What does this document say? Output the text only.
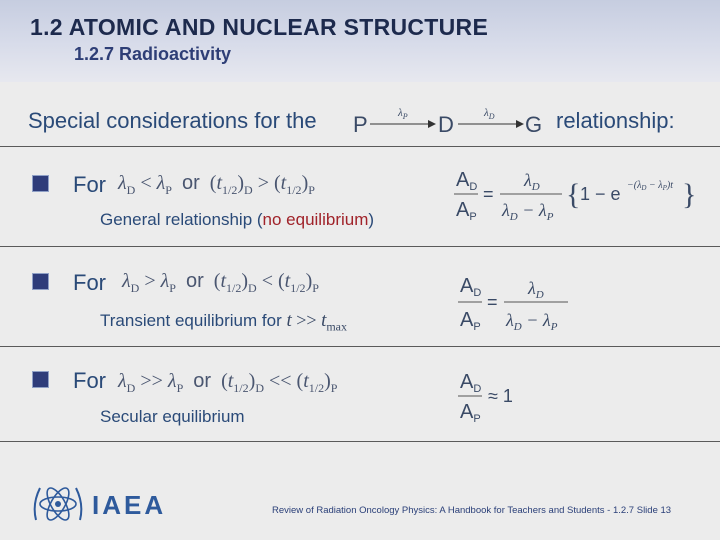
1.2 ATOMIC AND NUCLEAR STRUCTURE
1.2.7 Radioactivity
Special considerations for the P	$\lambda_P$ D	$\lambda_D$ G relationship:
For $\lambda_D < \lambda_P$ or  $(t_{1/2})_D > (t_{1/2})_P$
General relationship (no equilibrium)
$A_D$
$A_P$
=
$\lambda_D$
$\lambda_D - \lambda_P$
{ $1 - e -(\lambda_D - \lambda_P)t$ }
For $\lambda_D > \lambda_P$ or  $(t_{1/2})_D < (t_{1/2})_P$
Transient equilibrium for $t >> t_{max}$
$A_D$
$A_P$
=
$\lambda_D$
$\lambda_D - \lambda_P$
For $\lambda_D >> \lambda_P$ or  $(t_{1/2})_D << (t_{1/2})_P$
Secular equilibrium
$A_D$
$A_P$
≈ 1
IAEA	Review of Radiation Oncology Physics: A Handbook for Teachers and Students - 1.2.7 Slide 13
